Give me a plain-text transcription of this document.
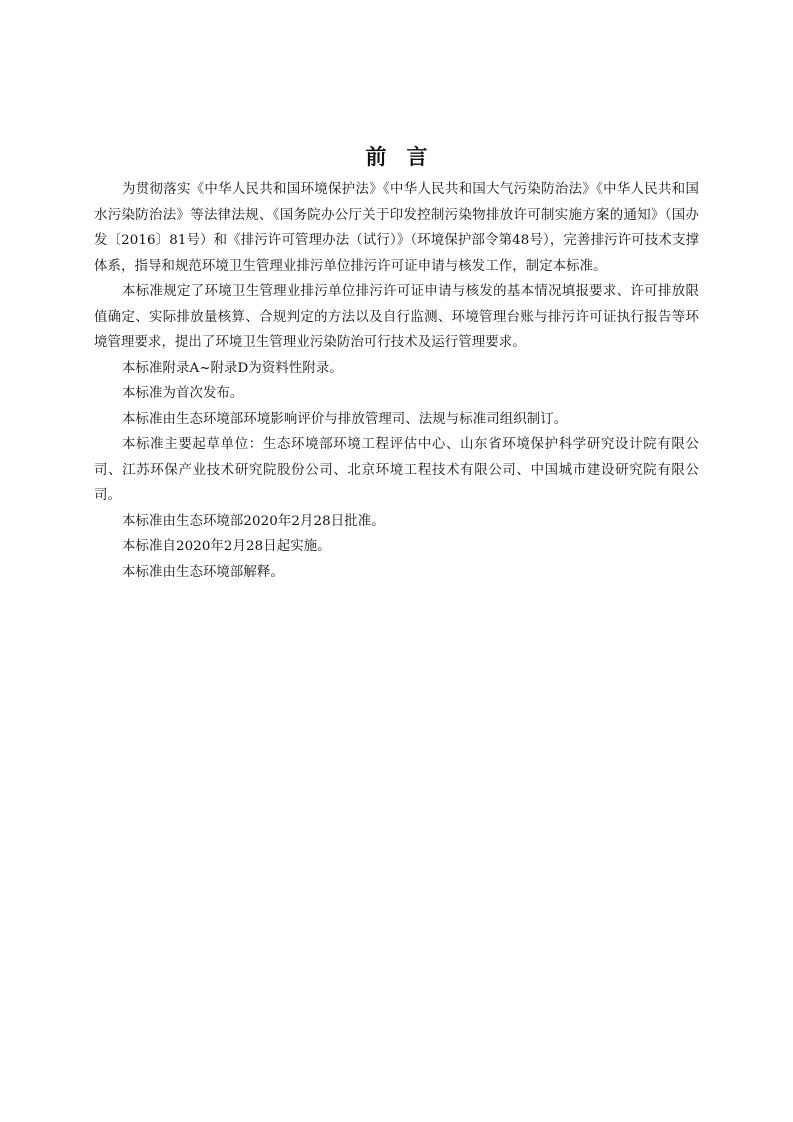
前言

为贯彻落实《中华人民共和国环境保护法》《中华人民共和国大气污染防治法》《中华人民共和国水污染防治法》等法律法规、《国务院办公厅关于印发控制污染物排放许可制实施方案的通知》（国办发〔2016〕81号）和《排污许可管理办法（试行）》（环境保护部令第48号），完善排污许可技术支撑体系，指导和规范环境卫生管理业排污单位排污许可证申请与核发工作，制定本标准。

本标准规定了环境卫生管理业排污单位排污许可证申请与核发的基本情况填报要求、许可排放限值确定、实际排放量核算、合规判定的方法以及自行监测、环境管理台账与排污许可证执行报告等环境管理要求，提出了环境卫生管理业污染防治可行技术及运行管理要求。

本标准附录A~附录D为资料性附录。

本标准为首次发布。

本标准由生态环境部环境影响评价与排放管理司、法规与标准司组织制订。

本标准主要起草单位：生态环境部环境工程评估中心、山东省环境保护科学研究设计院有限公司、江苏环保产业技术研究院股份公司、北京环境工程技术有限公司、中国城市建设研究院有限公司。

本标准由生态环境部2020年2月28日批准。

本标准自2020年2月28日起实施。

本标准由生态环境部解释。
